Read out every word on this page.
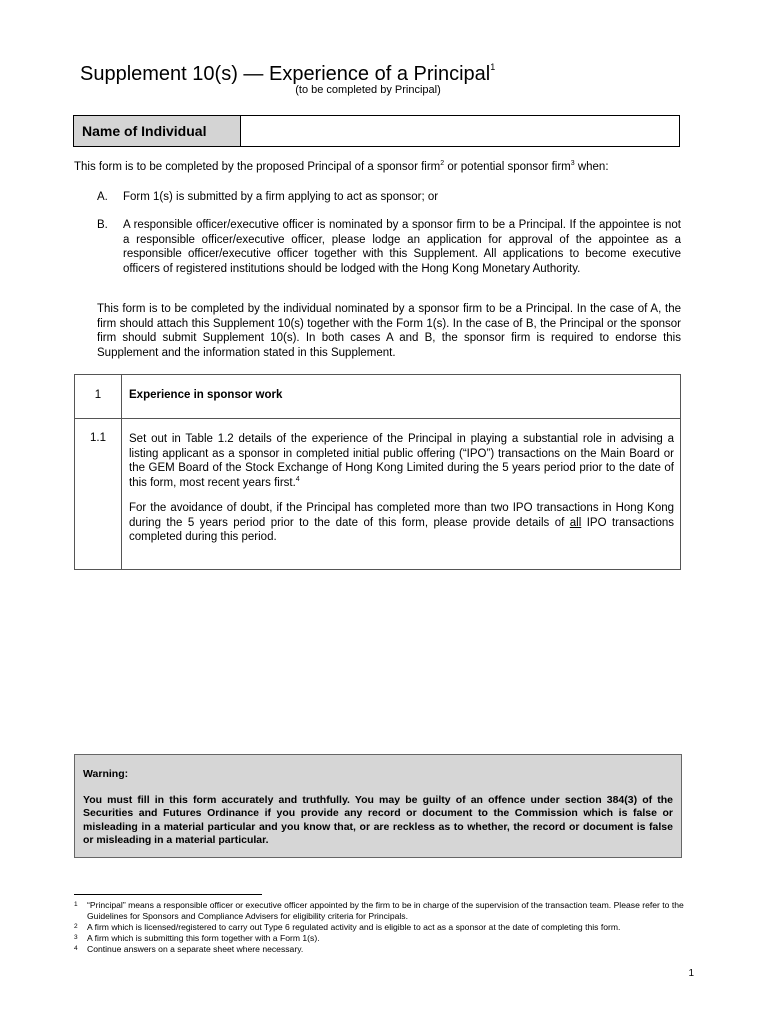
Supplement 10(s) — Experience of a Principal$^1$
(to be completed by Principal)
Name of Individual
This form is to be completed by the proposed Principal of a sponsor firm$^2$ or potential sponsor firm$^3$ when:
A.	Form 1(s) is submitted by a firm applying to act as sponsor; or
B.	A responsible officer/executive officer is nominated by a sponsor firm to be a Principal. If the appointee is not a responsible officer/executive officer, please lodge an application for approval of the appointee as a responsible officer/executive officer together with this Supplement. All applications to become executive officers of registered institutions should be lodged with the Hong Kong Monetary Authority.
This form is to be completed by the individual nominated by a sponsor firm to be a Principal. In the case of A, the firm should attach this Supplement 10(s) together with the Form 1(s). In the case of B, the Principal or the sponsor firm should submit Supplement 10(s). In both cases A and B, the sponsor firm is required to endorse this Supplement and the information stated in this Supplement.
1	Experience in sponsor work
1.1	Set out in Table 1.2 details of the experience of the Principal in playing a substantial role in advising a listing applicant as a sponsor in completed initial public offering (“IPO”) transactions on the Main Board or the GEM Board of the Stock Exchange of Hong Kong Limited during the 5 years period prior to the date of this form, most recent years first.$^4$

For the avoidance of doubt, if the Principal has completed more than two IPO transactions in Hong Kong during the 5 years period prior to the date of this form, please provide details of all IPO transactions completed during this period.

Warning:
You must fill in this form accurately and truthfully. You may be guilty of an offence under section 384(3) of the Securities and Futures Ordinance if you provide any record or document to the Commission which is false or misleading in a material particular and you know that, or are reckless as to whether, the record or document is false or misleading in a material particular.
1	“Principal” means a responsible officer or executive officer appointed by the firm to be in charge of the supervision of the transaction team. Please refer to the Guidelines for Sponsors and Compliance Advisers for eligibility criteria for Principals.
2	A firm which is licensed/registered to carry out Type 6 regulated activity and is eligible to act as a sponsor at the date of completing this form.
3	A firm which is submitting this form together with a Form 1(s).
4	Continue answers on a separate sheet where necessary.
1
